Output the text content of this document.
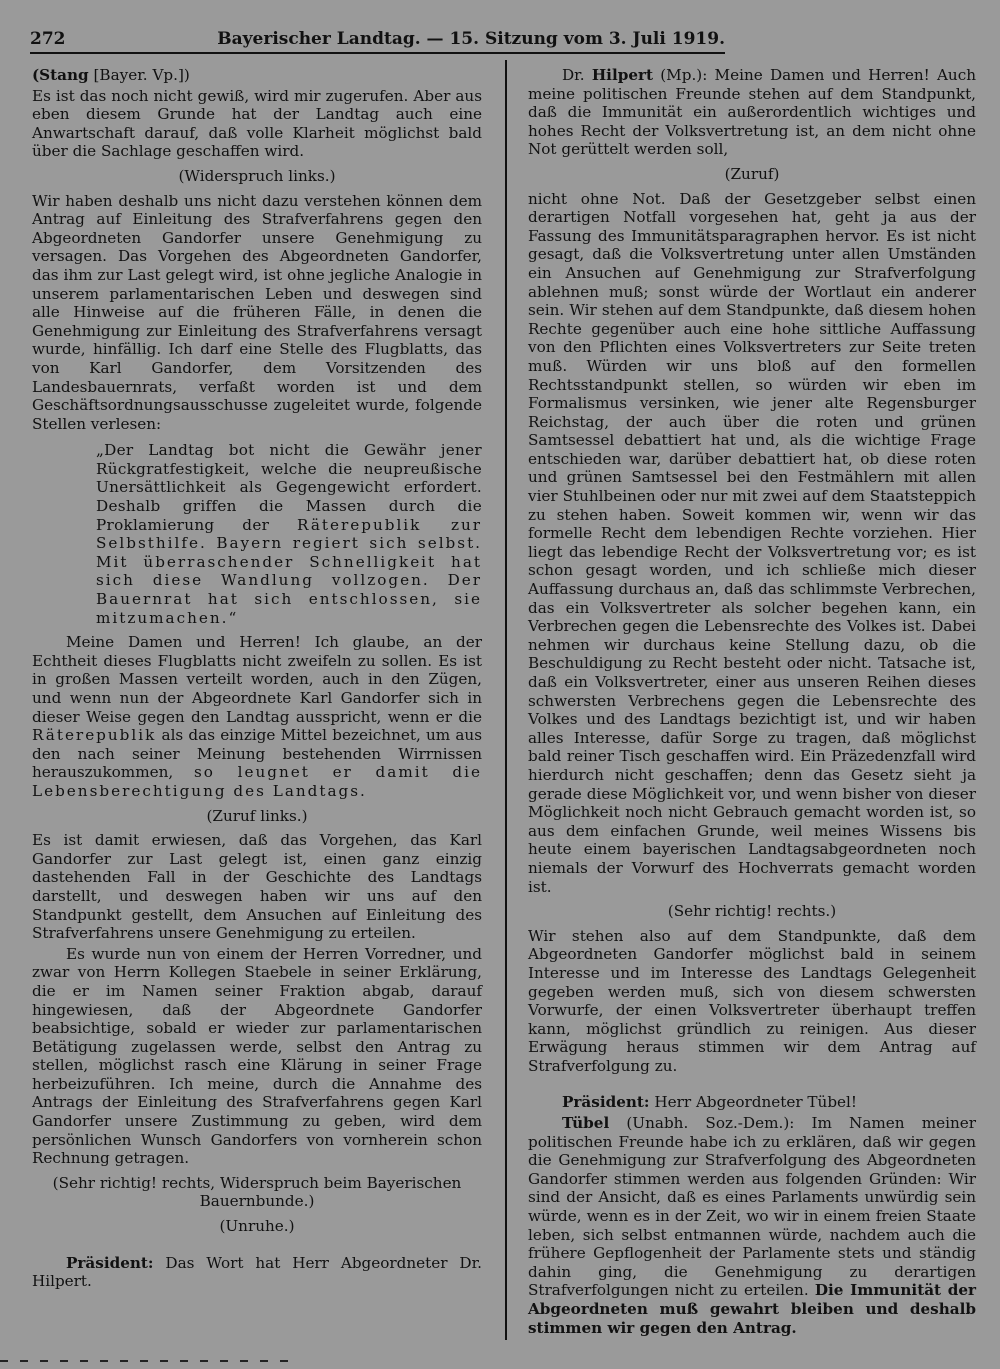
272	Bayerischer Landtag. — 15. Sitzung vom 3. Juli 1919.

(Stang [Bayer. Vp.])

Es ist das noch nicht gewiß, wird mir zugerufen. Aber aus eben diesem Grunde hat der Landtag auch eine Anwartschaft darauf, daß volle Klarheit möglichst bald über die Sachlage geschaffen wird.

(Widerspruch links.)

Wir haben deshalb uns nicht dazu verstehen können dem Antrag auf Einleitung des Strafverfahrens gegen den Abgeordneten Gandorfer unsere Genehmigung zu versagen. Das Vorgehen des Abgeordneten Gandorfer, das ihm zur Last gelegt wird, ist ohne jegliche Analogie in unserem parlamentarischen Leben und deswegen sind alle Hinweise auf die früheren Fälle, in denen die Genehmigung zur Einleitung des Strafverfahrens versagt wurde, hinfällig. Ich darf eine Stelle des Flugblatts, das von Karl Gandorfer, dem Vorsitzenden des Landesbauernrats, verfaßt worden ist und dem Geschäftsordnungsausschusse zugeleitet wurde, folgende Stellen verlesen:

„Der Landtag bot nicht die Gewähr jener Rückgratfestigkeit, welche die neupreußische Unersättlichkeit als Gegengewicht erfordert. Deshalb griffen die Massen durch die Proklamierung der Räterepublik zur Selbsthilfe. Bayern regiert sich selbst. Mit überraschender Schnelligkeit hat sich diese Wandlung vollzogen. Der Bauernrat hat sich entschlossen, sie mitzumachen.“

Meine Damen und Herren! Ich glaube, an der Echtheit dieses Flugblatts nicht zweifeln zu sollen. Es ist in großen Massen verteilt worden, auch in den Zügen, und wenn nun der Abgeordnete Karl Gandorfer sich in dieser Weise gegen den Landtag ausspricht, wenn er die Räterepublik als das einzige Mittel bezeichnet, um aus den nach seiner Meinung bestehenden Wirrnissen herauszukommen, so leugnet er damit die Lebensberechtigung des Landtags.

(Zuruf links.)

Es ist damit erwiesen, daß das Vorgehen, das Karl Gandorfer zur Last gelegt ist, einen ganz einzig dastehenden Fall in der Geschichte des Landtags darstellt, und deswegen haben wir uns auf den Standpunkt gestellt, dem Ansuchen auf Einleitung des Strafverfahrens unsere Genehmigung zu erteilen.

Es wurde nun von einem der Herren Vorredner, und zwar von Herrn Kollegen Staebele in seiner Erklärung, die er im Namen seiner Fraktion abgab, darauf hingewiesen, daß der Abgeordnete Gandorfer beabsichtige, sobald er wieder zur parlamentarischen Betätigung zugelassen werde, selbst den Antrag zu stellen, möglichst rasch eine Klärung in seiner Frage herbeizuführen. Ich meine, durch die Annahme des Antrags der Einleitung des Strafverfahrens gegen Karl Gandorfer unsere Zustimmung zu geben, wird dem persönlichen Wunsch Gandorfers von vornherein schon Rechnung getragen.

(Sehr richtig! rechts, Widerspruch beim Bayerischen Bauernbunde.)

(Unruhe.)

Präsident: Das Wort hat Herr Abgeordneter Dr. Hilpert.

Dr. Hilpert (Mp.): Meine Damen und Herren! Auch meine politischen Freunde stehen auf dem Standpunkt, daß die Immunität ein außerordentlich wichtiges und hohes Recht der Volksvertretung ist, an dem nicht ohne Not gerüttelt werden soll,

(Zuruf)

nicht ohne Not. Daß der Gesetzgeber selbst einen derartigen Notfall vorgesehen hat, geht ja aus der Fassung des Immunitätsparagraphen hervor. Es ist nicht gesagt, daß die Volksvertretung unter allen Umständen ein Ansuchen auf Genehmigung zur Strafverfolgung ablehnen muß; sonst würde der Wortlaut ein anderer sein. Wir stehen auf dem Standpunkte, daß diesem hohen Rechte gegenüber auch eine hohe sittliche Auffassung von den Pflichten eines Volksvertreters zur Seite treten muß. Würden wir uns bloß auf den formellen Rechtsstandpunkt stellen, so würden wir eben im Formalismus versinken, wie jener alte Regensburger Reichstag, der auch über die roten und grünen Samtsessel debattiert hat und, als die wichtige Frage entschieden war, darüber debattiert hat, ob diese roten und grünen Samtsessel bei den Festmählern mit allen vier Stuhlbeinen oder nur mit zwei auf dem Staatsteppich zu stehen haben. Soweit kommen wir, wenn wir das formelle Recht dem lebendigen Rechte vorziehen. Hier liegt das lebendige Recht der Volksvertretung vor; es ist schon gesagt worden, und ich schließe mich dieser Auffassung durchaus an, daß das schlimmste Verbrechen, das ein Volksvertreter als solcher begehen kann, ein Verbrechen gegen die Lebensrechte des Volkes ist. Dabei nehmen wir durchaus keine Stellung dazu, ob die Beschuldigung zu Recht besteht oder nicht. Tatsache ist, daß ein Volksvertreter, einer aus unseren Reihen dieses schwersten Verbrechens gegen die Lebensrechte des Volkes und des Landtags bezichtigt ist, und wir haben alles Interesse, dafür Sorge zu tragen, daß möglichst bald reiner Tisch geschaffen wird. Ein Präzedenzfall wird hierdurch nicht geschaffen; denn das Gesetz sieht ja gerade diese Möglichkeit vor, und wenn bisher von dieser Möglichkeit noch nicht Gebrauch gemacht worden ist, so aus dem einfachen Grunde, weil meines Wissens bis heute einem bayerischen Landtagsabgeordneten noch niemals der Vorwurf des Hochverrats gemacht worden ist.

(Sehr richtig! rechts.)

Wir stehen also auf dem Standpunkte, daß dem Abgeordneten Gandorfer möglichst bald in seinem Interesse und im Interesse des Landtags Gelegenheit gegeben werden muß, sich von diesem schwersten Vorwurfe, der einen Volksvertreter überhaupt treffen kann, möglichst gründlich zu reinigen. Aus dieser Erwägung heraus stimmen wir dem Antrag auf Strafverfolgung zu.

Präsident: Herr Abgeordneter Tübel!

Tübel (Unabh. Soz.-Dem.): Im Namen meiner politischen Freunde habe ich zu erklären, daß wir gegen die Genehmigung zur Strafverfolgung des Abgeordneten Gandorfer stimmen werden aus folgenden Gründen: Wir sind der Ansicht, daß es eines Parlaments unwürdig sein würde, wenn es in der Zeit, wo wir in einem freien Staate leben, sich selbst entmannen würde, nachdem auch die frühere Gepflogenheit der Parlamente stets und ständig dahin ging, die Genehmigung zu derartigen Strafverfolgungen nicht zu erteilen. Die Immunität der Abgeordneten muß gewahrt bleiben und deshalb stimmen wir gegen den Antrag.
